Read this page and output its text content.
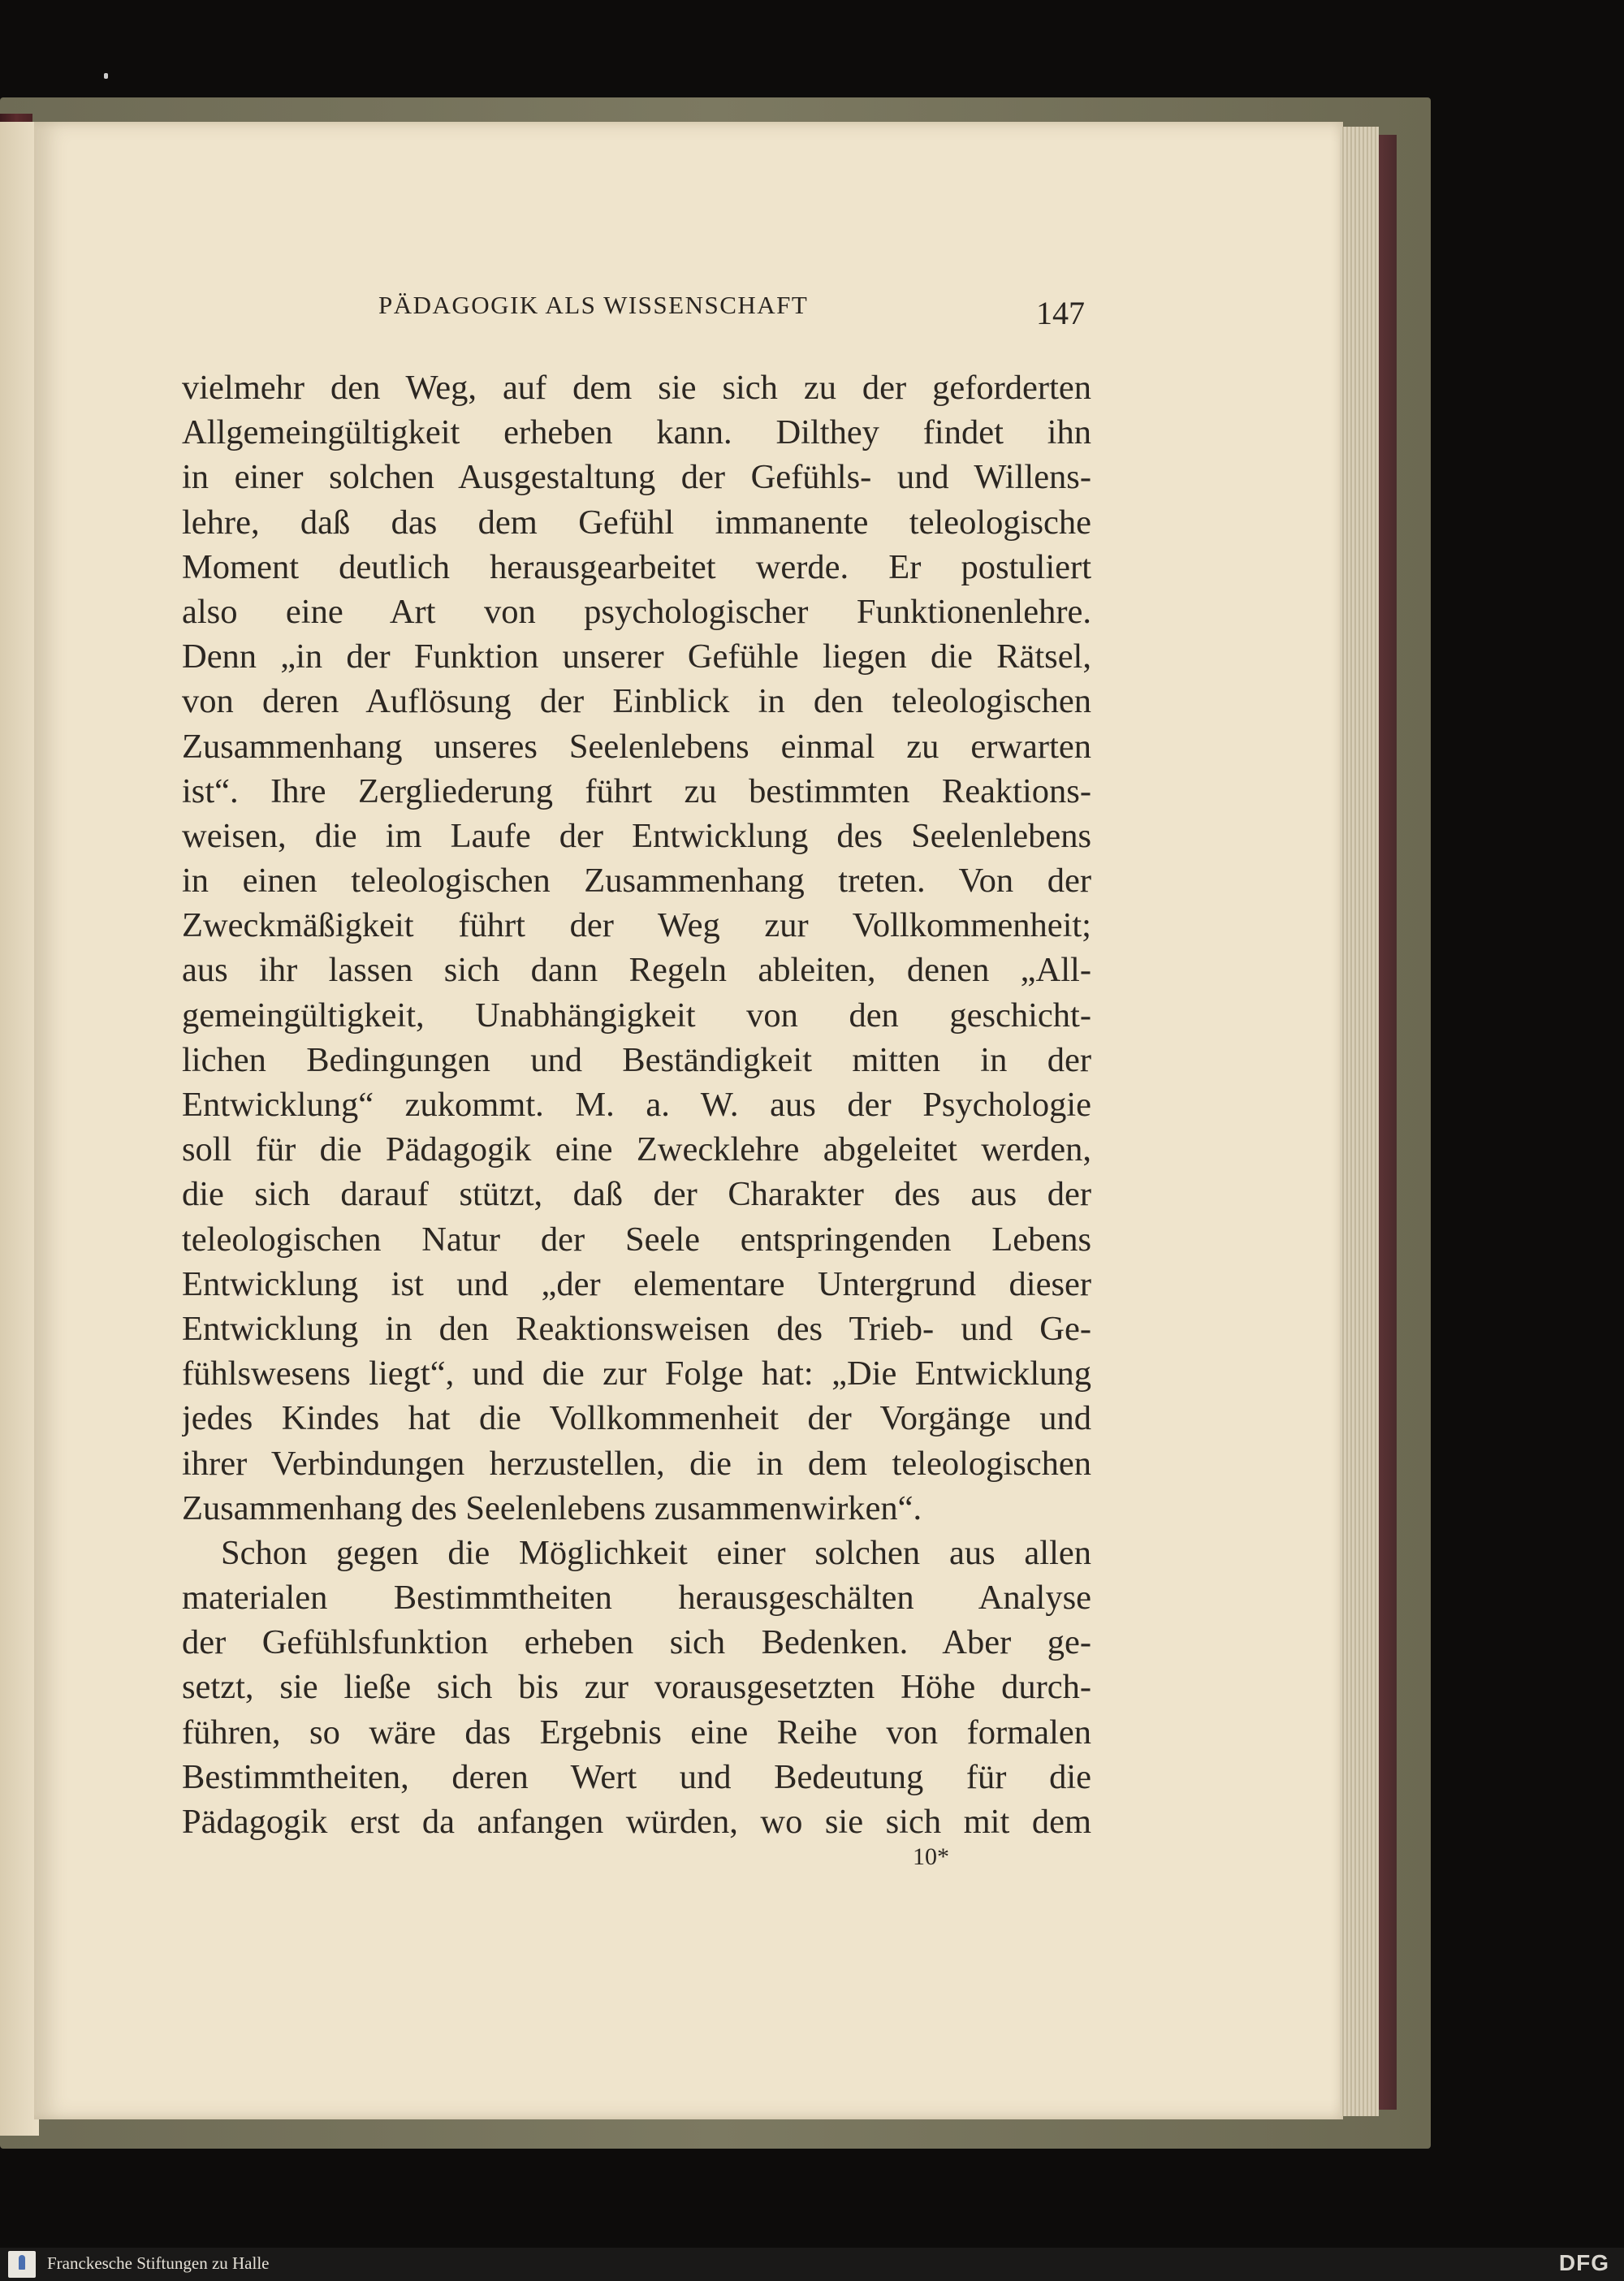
PÄDAGOGIK ALS WISSENSCHAFT	147
vielmehr den Weg, auf dem sie sich zu der geforderten
Allgemeingültigkeit erheben kann. Dilthey findet ihn
in einer solchen Ausgestaltung der Gefühls- und Willens-
lehre, daß das dem Gefühl immanente teleologische
Moment deutlich herausgearbeitet werde. Er postuliert
also eine Art von psychologischer Funktionenlehre.
Denn „in der Funktion unserer Gefühle liegen die Rätsel,
von deren Auflösung der Einblick in den teleologischen
Zusammenhang unseres Seelenlebens einmal zu erwarten
ist“. Ihre Zergliederung führt zu bestimmten Reaktions-
weisen, die im Laufe der Entwicklung des Seelenlebens
in einen teleologischen Zusammenhang treten. Von der
Zweckmäßigkeit führt der Weg zur Vollkommenheit;
aus ihr lassen sich dann Regeln ableiten, denen „All-
gemeingültigkeit, Unabhängigkeit von den geschicht-
lichen Bedingungen und Beständigkeit mitten in der
Entwicklung“ zukommt. M. a. W. aus der Psychologie
soll für die Pädagogik eine Zwecklehre abgeleitet werden,
die sich darauf stützt, daß der Charakter des aus der
teleologischen Natur der Seele entspringenden Lebens
Entwicklung ist und „der elementare Untergrund dieser
Entwicklung in den Reaktionsweisen des Trieb- und Ge-
fühlswesens liegt“, und die zur Folge hat: „Die Entwicklung
jedes Kindes hat die Vollkommenheit der Vorgänge und
ihrer Verbindungen herzustellen, die in dem teleologischen
Zusammenhang des Seelenlebens zusammenwirken“.
Schon gegen die Möglichkeit einer solchen aus allen
materialen Bestimmtheiten herausgeschälten Analyse
der Gefühlsfunktion erheben sich Bedenken. Aber ge-
setzt, sie ließe sich bis zur vorausgesetzten Höhe durch-
führen, so wäre das Ergebnis eine Reihe von formalen
Bestimmtheiten, deren Wert und Bedeutung für die
Pädagogik erst da anfangen würden, wo sie sich mit dem
10*
Franckesche Stiftungen zu Halle	DFG
